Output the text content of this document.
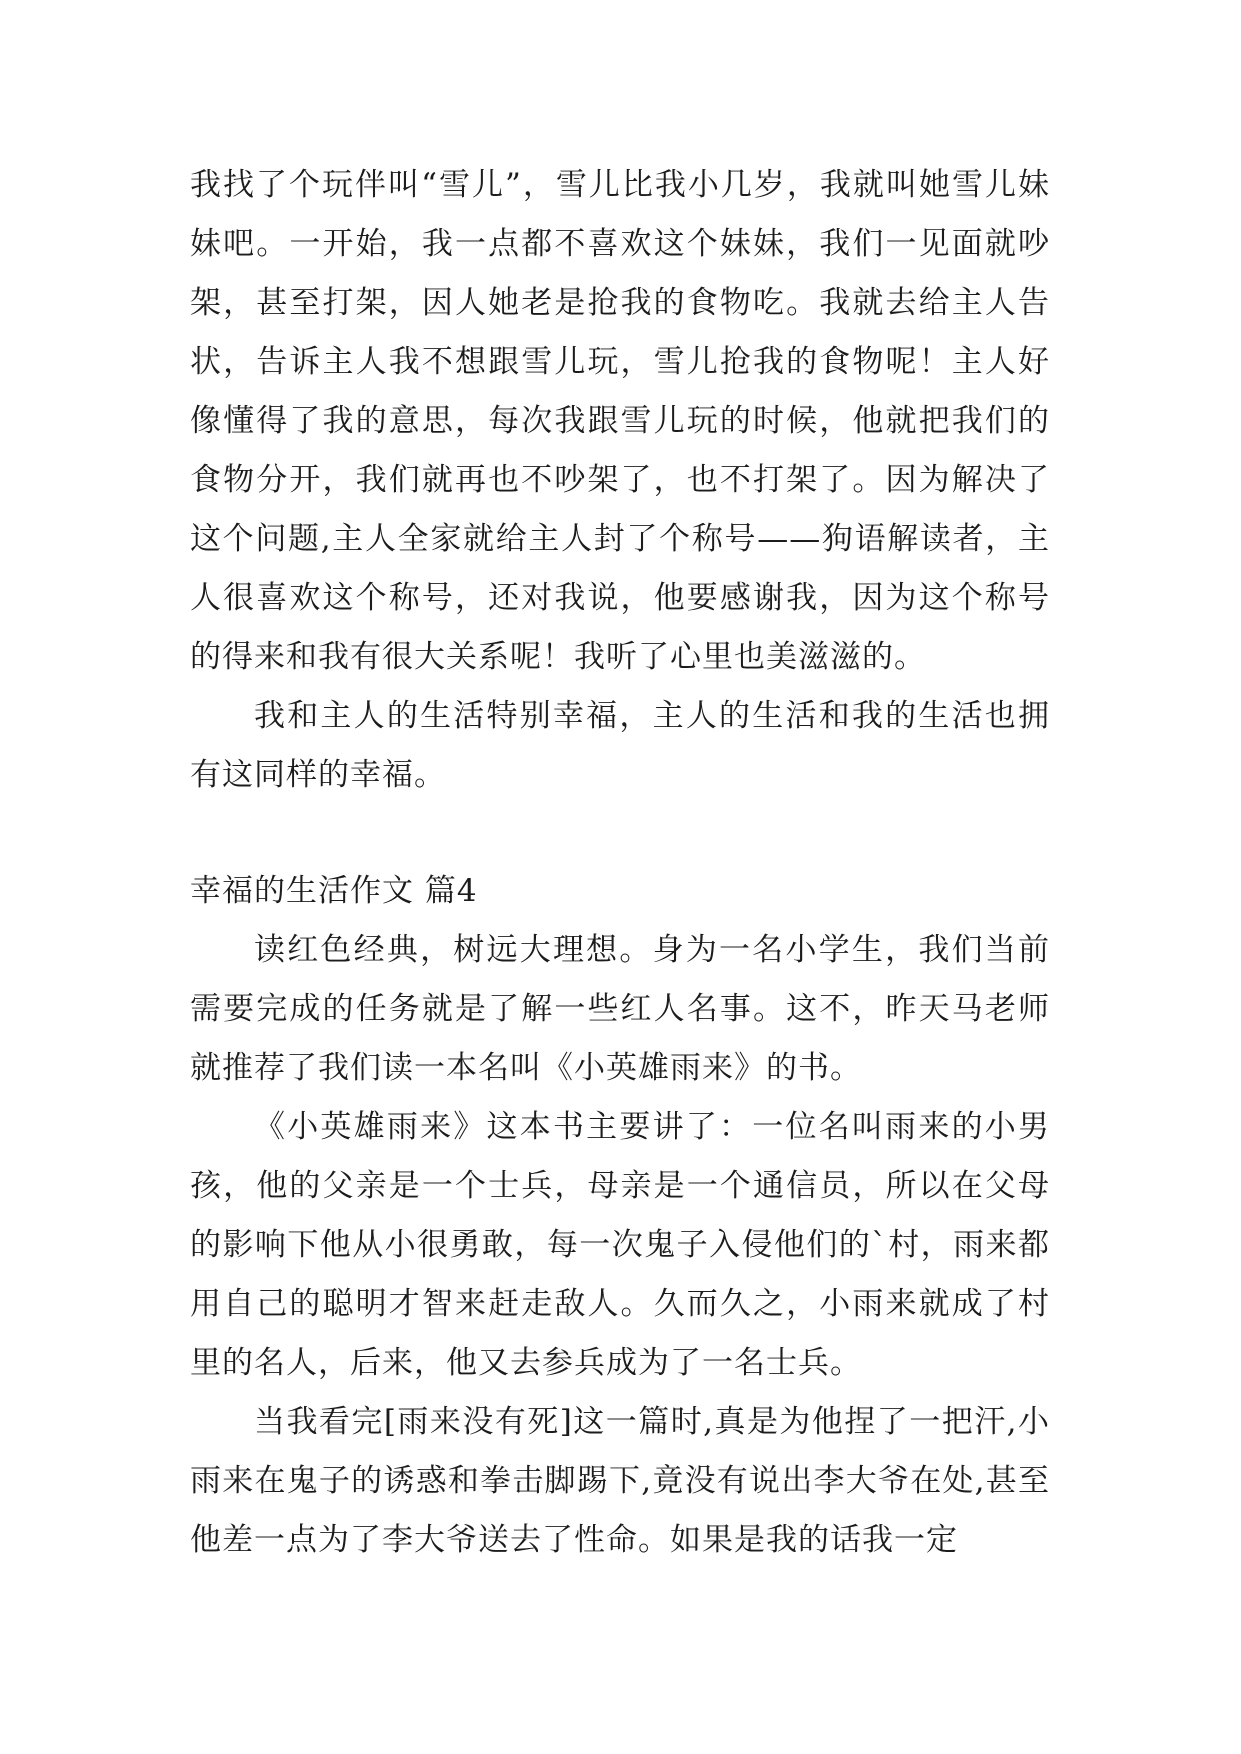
我找了个玩伴叫“雪儿”，雪儿比我小几岁，我就叫她雪儿妹妹吧。一开始，我一点都不喜欢这个妹妹，我们一见面就吵架，甚至打架，因人她老是抢我的食物吃。我就去给主人告状，告诉主人我不想跟雪儿玩，雪儿抢我的食物呢！主人好像懂得了我的意思，每次我跟雪儿玩的时候，他就把我们的食物分开，我们就再也不吵架了，也不打架了。因为解决了这个问题,主人全家就给主人封了个称号——狗语解读者，主人很喜欢这个称号，还对我说，他要感谢我，因为这个称号的得来和我有很大关系呢！我听了心里也美滋滋的。

我和主人的生活特别幸福，主人的生活和我的生活也拥有这同样的幸福。

幸福的生活作文 篇4

读红色经典，树远大理想。身为一名小学生，我们当前需要完成的任务就是了解一些红人名事。这不，昨天马老师就推荐了我们读一本名叫《小英雄雨来》的书。

《小英雄雨来》这本书主要讲了：一位名叫雨来的小男孩，他的父亲是一个士兵，母亲是一个通信员，所以在父母的影响下他从小很勇敢，每一次鬼子入侵他们的`村，雨来都用自己的聪明才智来赶走敌人。久而久之，小雨来就成了村里的名人，后来，他又去参兵成为了一名士兵。

当我看完[雨来没有死]这一篇时,真是为他捏了一把汗,小雨来在鬼子的诱惑和拳击脚踢下,竟没有说出李大爷在处,甚至他差一点为了李大爷送去了性命。如果是我的话我一定
